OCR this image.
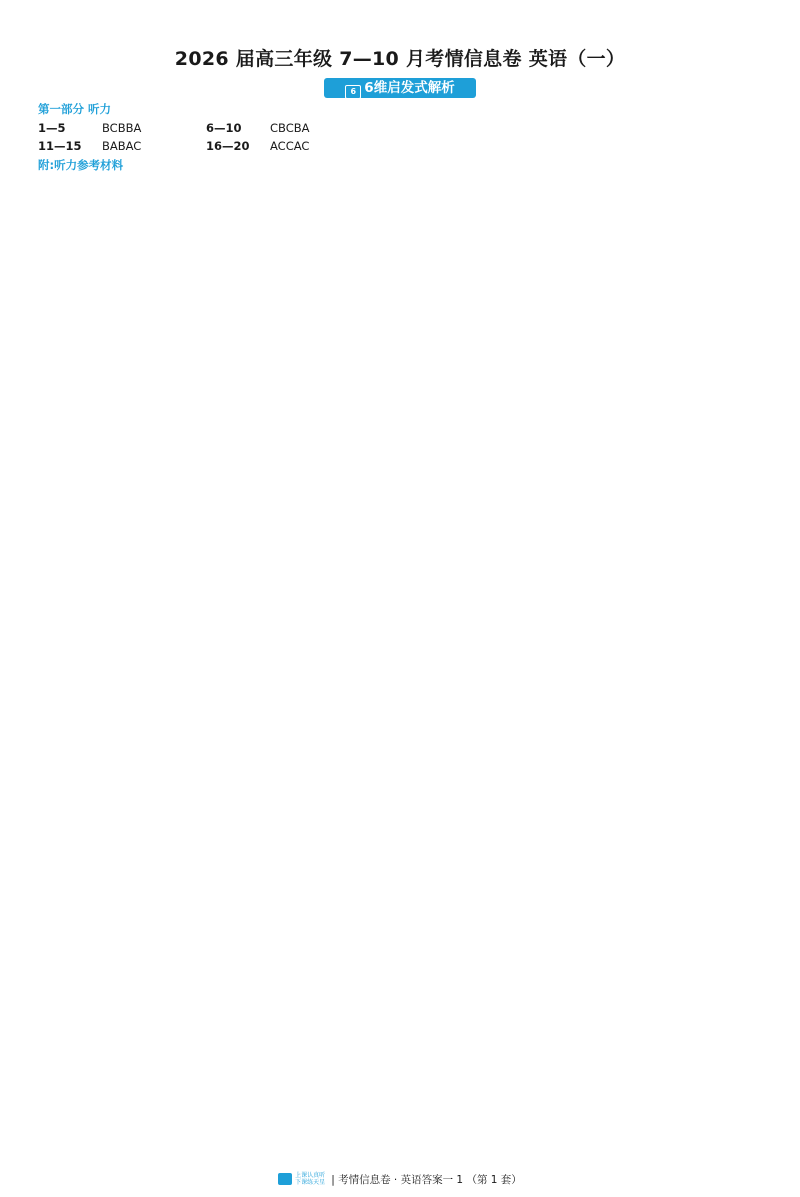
2026 届高三年级 7—10 月考情信息卷 英语（一）
6 6维启发式解析

第一部分 听力

1—5	BCBBA	6—10	CBCBA
11—15	BABAC	16—20	ACCAC

附:听力参考材料

上课认真听
下课练天星 | 考情信息卷 · 英语答案一 1 （第 1 套）
